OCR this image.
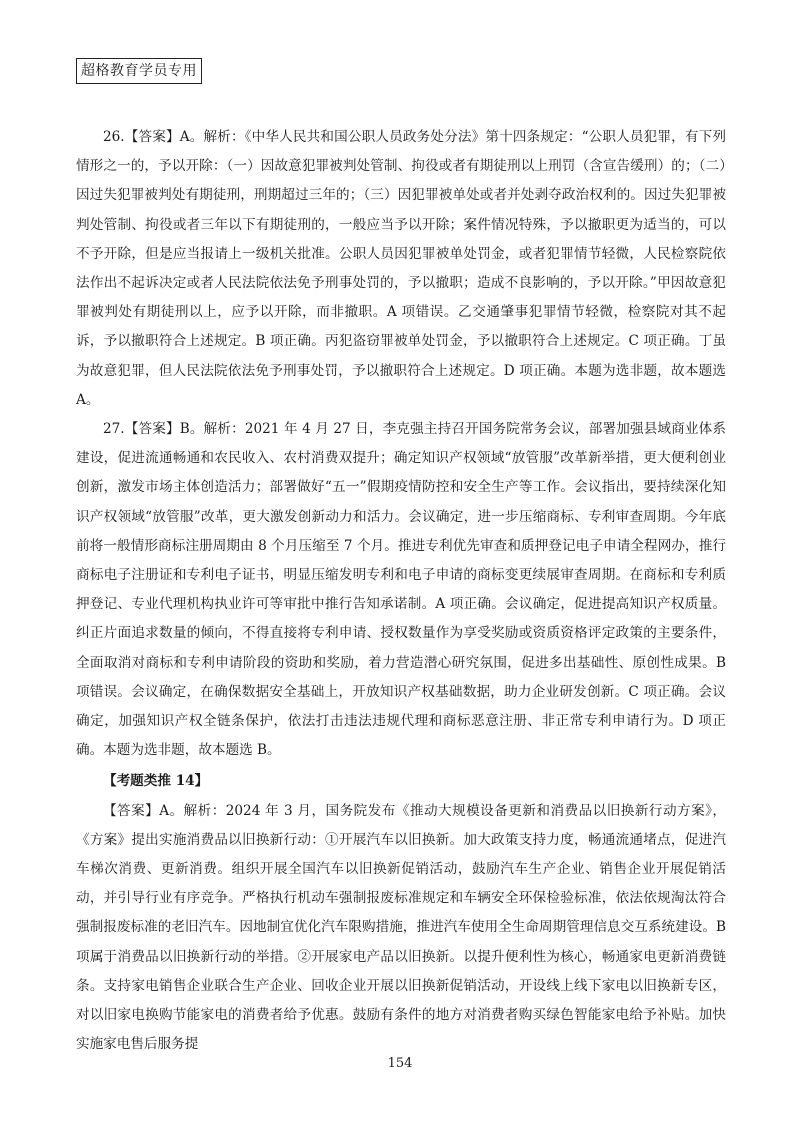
超格教育学员专用

26.【答案】A。解析：《中华人民共和国公职人员政务处分法》第十四条规定：“公职人员犯罪，有下列情形之一的，予以开除：（一）因故意犯罪被判处管制、拘役或者有期徒刑以上刑罚（含宣告缓刑）的；（二）因过失犯罪被判处有期徒刑，刑期超过三年的；（三）因犯罪被单处或者并处剥夺政治权利的。因过失犯罪被判处管制、拘役或者三年以下有期徒刑的，一般应当予以开除；案件情况特殊，予以撤职更为适当的，可以不予开除，但是应当报请上一级机关批准。公职人员因犯罪被单处罚金，或者犯罪情节轻微，人民检察院依法作出不起诉决定或者人民法院依法免予刑事处罚的，予以撤职；造成不良影响的，予以开除。”甲因故意犯罪被判处有期徒刑以上，应予以开除，而非撤职。A 项错误。乙交通肇事犯罪情节轻微，检察院对其不起诉，予以撤职符合上述规定。B 项正确。丙犯盗窃罪被单处罚金，予以撤职符合上述规定。C 项正确。丁虽为故意犯罪，但人民法院依法免予刑事处罚，予以撤职符合上述规定。D 项正确。本题为选非题，故本题选 A。

27.【答案】B。解析：2021 年 4 月 27 日，李克强主持召开国务院常务会议，部署加强县域商业体系建设，促进流通畅通和农民收入、农村消费双提升；确定知识产权领域“放管服”改革新举措，更大便利创业创新，激发市场主体创造活力；部署做好“五一”假期疫情防控和安全生产等工作。会议指出，要持续深化知识产权领域“放管服”改革，更大激发创新动力和活力。会议确定，进一步压缩商标、专利审查周期。今年底前将一般情形商标注册周期由 8 个月压缩至 7 个月。推进专利优先审查和质押登记电子申请全程网办，推行商标电子注册证和专利电子证书，明显压缩发明专利和电子申请的商标变更续展审查周期。在商标和专利质押登记、专业代理机构执业许可等审批中推行告知承诺制。A 项正确。会议确定，促进提高知识产权质量。纠正片面追求数量的倾向，不得直接将专利申请、授权数量作为享受奖励或资质资格评定政策的主要条件，全面取消对商标和专利申请阶段的资助和奖励，着力营造潜心研究氛围，促进多出基础性、原创性成果。B 项错误。会议确定，在确保数据安全基础上，开放知识产权基础数据，助力企业研发创新。C 项正确。会议确定，加强知识产权全链条保护，依法打击违法违规代理和商标恶意注册、非正常专利申请行为。D 项正确。本题为选非题，故本题选 B。

【考题类推 14】

【答案】A。解析：2024 年 3 月，国务院发布《推动大规模设备更新和消费品以旧换新行动方案》，《方案》提出实施消费品以旧换新行动：①开展汽车以旧换新。加大政策支持力度，畅通流通堵点，促进汽车梯次消费、更新消费。组织开展全国汽车以旧换新促销活动，鼓励汽车生产企业、销售企业开展促销活动，并引导行业有序竞争。严格执行机动车强制报废标准规定和车辆安全环保检验标准，依法依规淘汰符合强制报废标准的老旧汽车。因地制宜优化汽车限购措施，推进汽车使用全生命周期管理信息交互系统建设。B 项属于消费品以旧换新行动的举措。②开展家电产品以旧换新。以提升便利性为核心，畅通家电更新消费链条。支持家电销售企业联合生产企业、回收企业开展以旧换新促销活动，开设线上线下家电以旧换新专区，对以旧家电换购节能家电的消费者给予优惠。鼓励有条件的地方对消费者购买绿色智能家电给予补贴。加快实施家电售后服务提

154
